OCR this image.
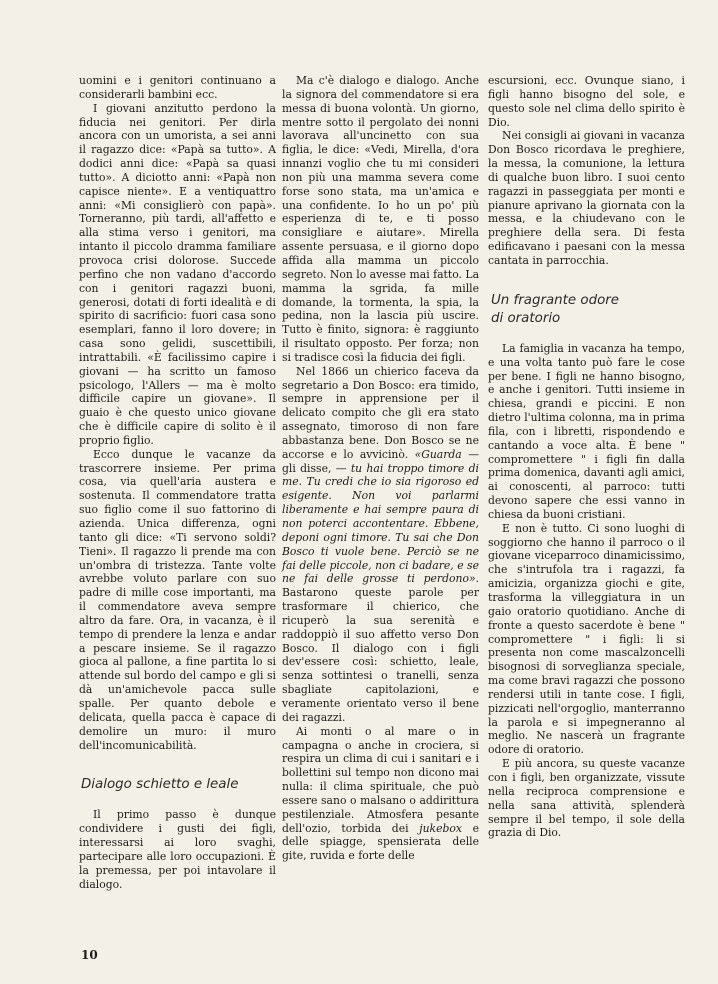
uomini e i genitori continuano a considerarli bambini ecc.

I giovani anzitutto perdono la fiducia nei genitori. Per dirla ancora con un umorista, a sei anni il ragazzo dice: «Papà sa tutto». A dodici anni dice: «Papà sa quasi tutto». A diciotto anni: «Papà non capisce niente». E a ventiquattro anni: «Mi consiglierò con papà». Torneranno, più tardi, all'affetto e alla stima verso i genitori, ma intanto il piccolo dramma familiare provoca crisi dolorose. Succede perfino che non vadano d'accordo con i genitori ragazzi buoni, generosi, dotati di forti idealità e di spirito di sacrificio: fuori casa sono esemplari, fanno il loro dovere; in casa sono gelidi, suscettibili, intrattabili. «È facilissimo capire i giovani — ha scritto un famoso psicologo, l'Allers — ma è molto difficile capire un giovane». Il guaio è che questo unico giovane che è difficile capire di solito è il proprio figlio.

Ecco dunque le vacanze da trascorrere insieme. Per prima cosa, via quell'aria austera e sostenuta. Il commendatore tratta suo figlio come il suo fattorino di azienda. Unica differenza, ogni tanto gli dice: «Ti servono soldi? Tieni». Il ragazzo li prende ma con un'ombra di tristezza. Tante volte avrebbe voluto parlare con suo padre di mille cose importanti, ma il commendatore aveva sempre altro da fare. Ora, in vacanza, è il tempo di prendere la lenza e andar a pescare insieme. Se il ragazzo gioca al pallone, a fine partita lo si attende sul bordo del campo e gli si dà un'amichevole pacca sulle spalle. Per quanto debole e delicata, quella pacca è capace di demolire un muro: il muro dell'incomunicabilità.

Dialogo schietto e leale

Il primo passo è dunque condividere i gusti dei figli, interessarsi ai loro svaghi, partecipare alle loro occupazioni. È la premessa, per poi intavolare il dialogo.

Ma c'è dialogo e dialogo. Anche la signora del commendatore si era messa di buona volontà. Un giorno, mentre sotto il pergolato dei nonni lavorava all'uncinetto con sua figlia, le dice: «Vedi, Mirella, d'ora innanzi voglio che tu mi consideri non più una mamma severa come forse sono stata, ma un'amica e una confidente. Io ho un po' più esperienza di te, e ti posso consigliare e aiutare». Mirella assente persuasa, e il giorno dopo affida alla mamma un piccolo segreto. Non lo avesse mai fatto. La mamma la sgrida, fa mille domande, la tormenta, la spia, la pedina, non la lascia più uscire. Tutto è finito, signora: è raggiunto il risultato opposto. Per forza; non si tradisce così la fiducia dei figli.

Nel 1866 un chierico faceva da segretario a Don Bosco: era timido, sempre in apprensione per il delicato compito che gli era stato assegnato, timoroso di non fare abbastanza bene. Don Bosco se ne accorse e lo avvicinò. «Guarda — gli disse, — tu hai troppo timore di me. Tu credi che io sia rigoroso ed esigente. Non voi parlarmi liberamente e hai sempre paura di non poterci accontentare. Ebbene, deponi ogni timore. Tu sai che Don Bosco ti vuole bene. Perciò se ne fai delle piccole, non ci badare, e se ne fai delle grosse ti perdono». Bastarono queste parole per trasformare il chierico, che ricuperò la sua serenità e raddoppiò il suo affetto verso Don Bosco. Il dialogo con i figli dev'essere così: schietto, leale, senza sottintesi o tranelli, senza sbagliate capitolazioni, e veramente orientato verso il bene dei ragazzi.

Ai monti o al mare o in campagna o anche in crociera, si respira un clima di cui i sanitari e i bollettini sul tempo non dicono mai nulla: il clima spirituale, che può essere sano o malsano o addirittura pestilenziale. Atmosfera pesante dell'ozio, torbida dei jukebox e delle spiagge, spensierata delle gite, ruvida e forte delle

escursioni, ecc. Ovunque siano, i figli hanno bisogno del sole, e questo sole nel clima dello spirito è Dio.

Nei consigli ai giovani in vacanza Don Bosco ricordava le preghiere, la messa, la comunione, la lettura di qualche buon libro. I suoi cento ragazzi in passeggiata per monti e pianure aprivano la giornata con la messa, e la chiudevano con le preghiere della sera. Di festa edificavano i paesani con la messa cantata in parrocchia.

Un fragrante odore
di oratorio

La famiglia in vacanza ha tempo, e una volta tanto può fare le cose per bene. I figli ne hanno bisogno, e anche i genitori. Tutti insieme in chiesa, grandi e piccini. E non dietro l'ultima colonna, ma in prima fila, con i libretti, rispondendo e cantando a voce alta. È bene " compromettere " i figli fin dalla prima domenica, davanti agli amici, ai conoscenti, al parroco: tutti devono sapere che essi vanno in chiesa da buoni cristiani.

E non è tutto. Ci sono luoghi di soggiorno che hanno il parroco o il giovane viceparroco dinamicissimo, che s'intrufola tra i ragazzi, fa amicizia, organizza giochi e gite, trasforma la villeggiatura in un gaio oratorio quotidiano. Anche di fronte a questo sacerdote è bene " compromettere " i figli: li si presenta non come mascalzoncelli bisognosi di sorveglianza speciale, ma come bravi ragazzi che possono rendersi utili in tante cose. I figli, pizzicati nell'orgoglio, manterranno la parola e si impegneranno al meglio. Ne nascerà un fragrante odore di oratorio.

E più ancora, su queste vacanze con i figli, ben organizzate, vissute nella reciproca comprensione e nella sana attività, splenderà sempre il bel tempo, il sole della grazia di Dio.

10
